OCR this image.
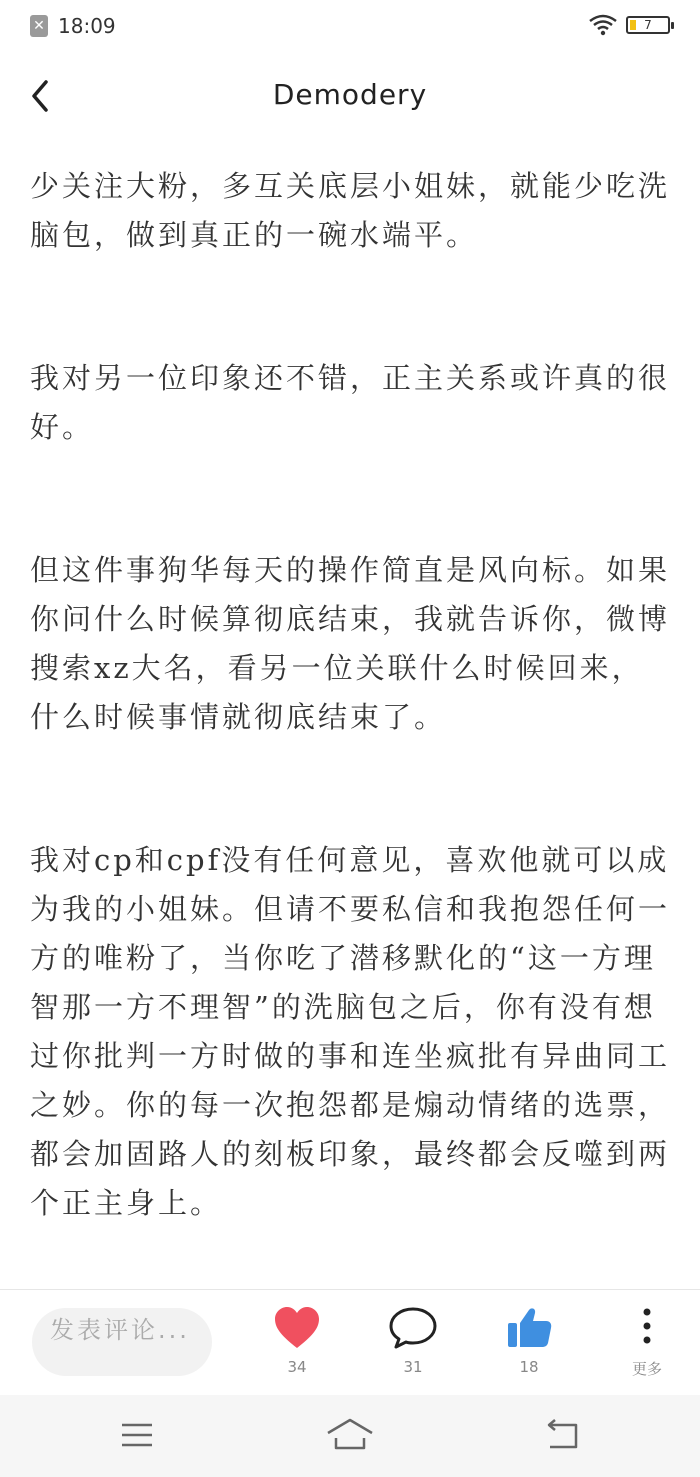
✕ 18:09	7
Demodery

少关注大粉，多互关底层小姐妹，就能少吃洗脑包，做到真正的一碗水端平。

我对另一位印象还不错，正主关系或许真的很好。

但这件事狗华每天的操作简直是风向标。如果你问什么时候算彻底结束，我就告诉你，微博搜索xz大名，看另一位关联什么时候回来，什么时候事情就彻底结束了。

我对cp和cpf没有任何意见，喜欢他就可以成为我的小姐妹。但请不要私信和我抱怨任何一方的唯粉了，当你吃了潜移默化的“这一方理智那一方不理智”的洗脑包之后，你有没有想过你批判一方时做的事和连坐疯批有异曲同工之妙。你的每一次抱怨都是煽动情绪的选票，都会加固路人的刻板印象，最终都会反噬到两个正主身上。

发表评论...
34	31	18	更多
